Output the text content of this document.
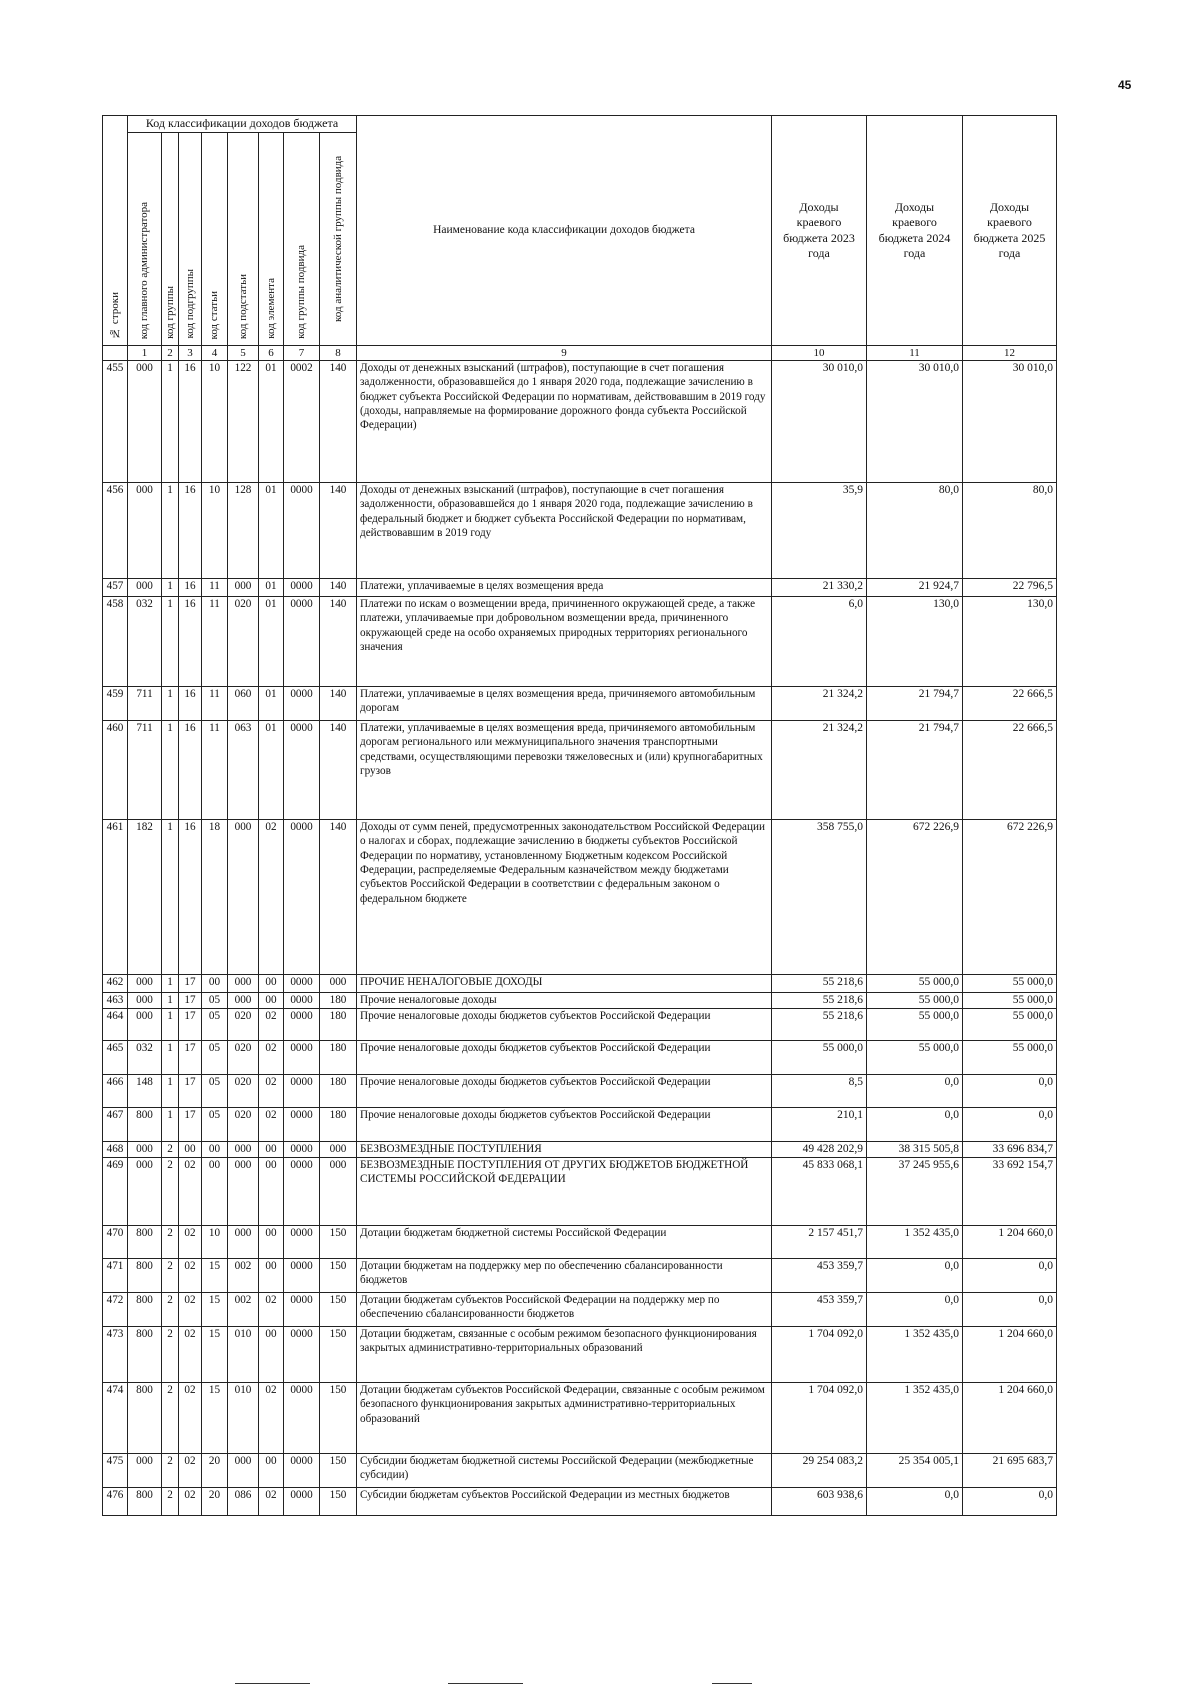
45
№ строки	Код классификации доходов бюджета								Наименование кода классификации доходов бюджета	Доходы краевого бюджета 2023 года	Доходы краевого бюджета 2024 года	Доходы краевого бюджета 2025 года

	код главного администратора	код группы	код подгруппы	код статьи	код подстатьи	код элемента	код группы подвида	код аналитической группы подвида				

	1	2	3	4	5	6	7	8	9	10	11	12
455	000	1	16	10	122	01	0002	140	Доходы от денежных взысканий (штрафов), поступающие в счет погашения задолженности, образовавшейся до 1 января 2020 года, подлежащие зачислению в бюджет субъекта Российской Федерации по нормативам, действовавшим в 2019 году (доходы, направляемые на формирование дорожного фонда субъекта Российской Федерации)	30 010,0	30 010,0	30 010,0
456	000	1	16	10	128	01	0000	140	Доходы от денежных взысканий (штрафов), поступающие в счет погашения задолженности, образовавшейся до 1 января 2020 года, подлежащие зачислению в федеральный бюджет и бюджет субъекта Российской Федерации по нормативам, действовавшим в 2019 году	35,9	80,0	80,0
457	000	1	16	11	000	01	0000	140	Платежи, уплачиваемые в целях возмещения вреда	21 330,2	21 924,7	22 796,5
458	032	1	16	11	020	01	0000	140	Платежи по искам о возмещении вреда, причиненного окружающей среде, а также платежи, уплачиваемые при добровольном возмещении вреда, причиненного окружающей среде на особо охраняемых природных территориях регионального значения	6,0	130,0	130,0
459	711	1	16	11	060	01	0000	140	Платежи, уплачиваемые в целях возмещения вреда, причиняемого автомобильным дорогам	21 324,2	21 794,7	22 666,5
460	711	1	16	11	063	01	0000	140	Платежи, уплачиваемые в целях возмещения вреда, причиняемого автомобильным дорогам регионального или межмуниципального значения транспортными средствами, осуществляющими перевозки тяжеловесных и (или) крупногабаритных грузов	21 324,2	21 794,7	22 666,5
461	182	1	16	18	000	02	0000	140	Доходы от сумм пеней, предусмотренных законодательством Российской Федерации о налогах и сборах, подлежащие зачислению в бюджеты субъектов Российской Федерации по нормативу, установленному Бюджетным кодексом Российской Федерации, распределяемые Федеральным казначейством между бюджетами субъектов Российской Федерации в соответствии с федеральным законом о федеральном бюджете	358 755,0	672 226,9	672 226,9
462	000	1	17	00	000	00	0000	000	ПРОЧИЕ НЕНАЛОГОВЫЕ ДОХОДЫ	55 218,6	55 000,0	55 000,0
463	000	1	17	05	000	00	0000	180	Прочие неналоговые доходы	55 218,6	55 000,0	55 000,0
464	000	1	17	05	020	02	0000	180	Прочие неналоговые доходы бюджетов субъектов Российской Федерации	55 218,6	55 000,0	55 000,0
465	032	1	17	05	020	02	0000	180	Прочие неналоговые доходы бюджетов субъектов Российской Федерации	55 000,0	55 000,0	55 000,0
466	148	1	17	05	020	02	0000	180	Прочие неналоговые доходы бюджетов субъектов Российской Федерации	8,5	0,0	0,0
467	800	1	17	05	020	02	0000	180	Прочие неналоговые доходы бюджетов субъектов Российской Федерации	210,1	0,0	0,0
468	000	2	00	00	000	00	0000	000	БЕЗВОЗМЕЗДНЫЕ ПОСТУПЛЕНИЯ	49 428 202,9	38 315 505,8	33 696 834,7
469	000	2	02	00	000	00	0000	000	БЕЗВОЗМЕЗДНЫЕ ПОСТУПЛЕНИЯ ОТ ДРУГИХ БЮДЖЕТОВ БЮДЖЕТНОЙ СИСТЕМЫ РОССИЙСКОЙ ФЕДЕРАЦИИ	45 833 068,1	37 245 955,6	33 692 154,7
470	800	2	02	10	000	00	0000	150	Дотации бюджетам бюджетной системы Российской Федерации	2 157 451,7	1 352 435,0	1 204 660,0
471	800	2	02	15	002	00	0000	150	Дотации бюджетам на поддержку мер по обеспечению сбалансированности бюджетов	453 359,7	0,0	0,0
472	800	2	02	15	002	02	0000	150	Дотации бюджетам субъектов Российской Федерации на поддержку мер по обеспечению сбалансированности бюджетов	453 359,7	0,0	0,0
473	800	2	02	15	010	00	0000	150	Дотации бюджетам, связанные с особым режимом безопасного функционирования закрытых административно-территориальных образований	1 704 092,0	1 352 435,0	1 204 660,0
474	800	2	02	15	010	02	0000	150	Дотации бюджетам субъектов Российской Федерации, связанные с особым режимом безопасного функционирования закрытых административно-территориальных образований	1 704 092,0	1 352 435,0	1 204 660,0
475	000	2	02	20	000	00	0000	150	Субсидии бюджетам бюджетной системы Российской Федерации (межбюджетные субсидии)	29 254 083,2	25 354 005,1	21 695 683,7
476	800	2	02	20	086	02	0000	150	Субсидии бюджетам субъектов Российской Федерации из местных бюджетов	603 938,6	0,0	0,0
